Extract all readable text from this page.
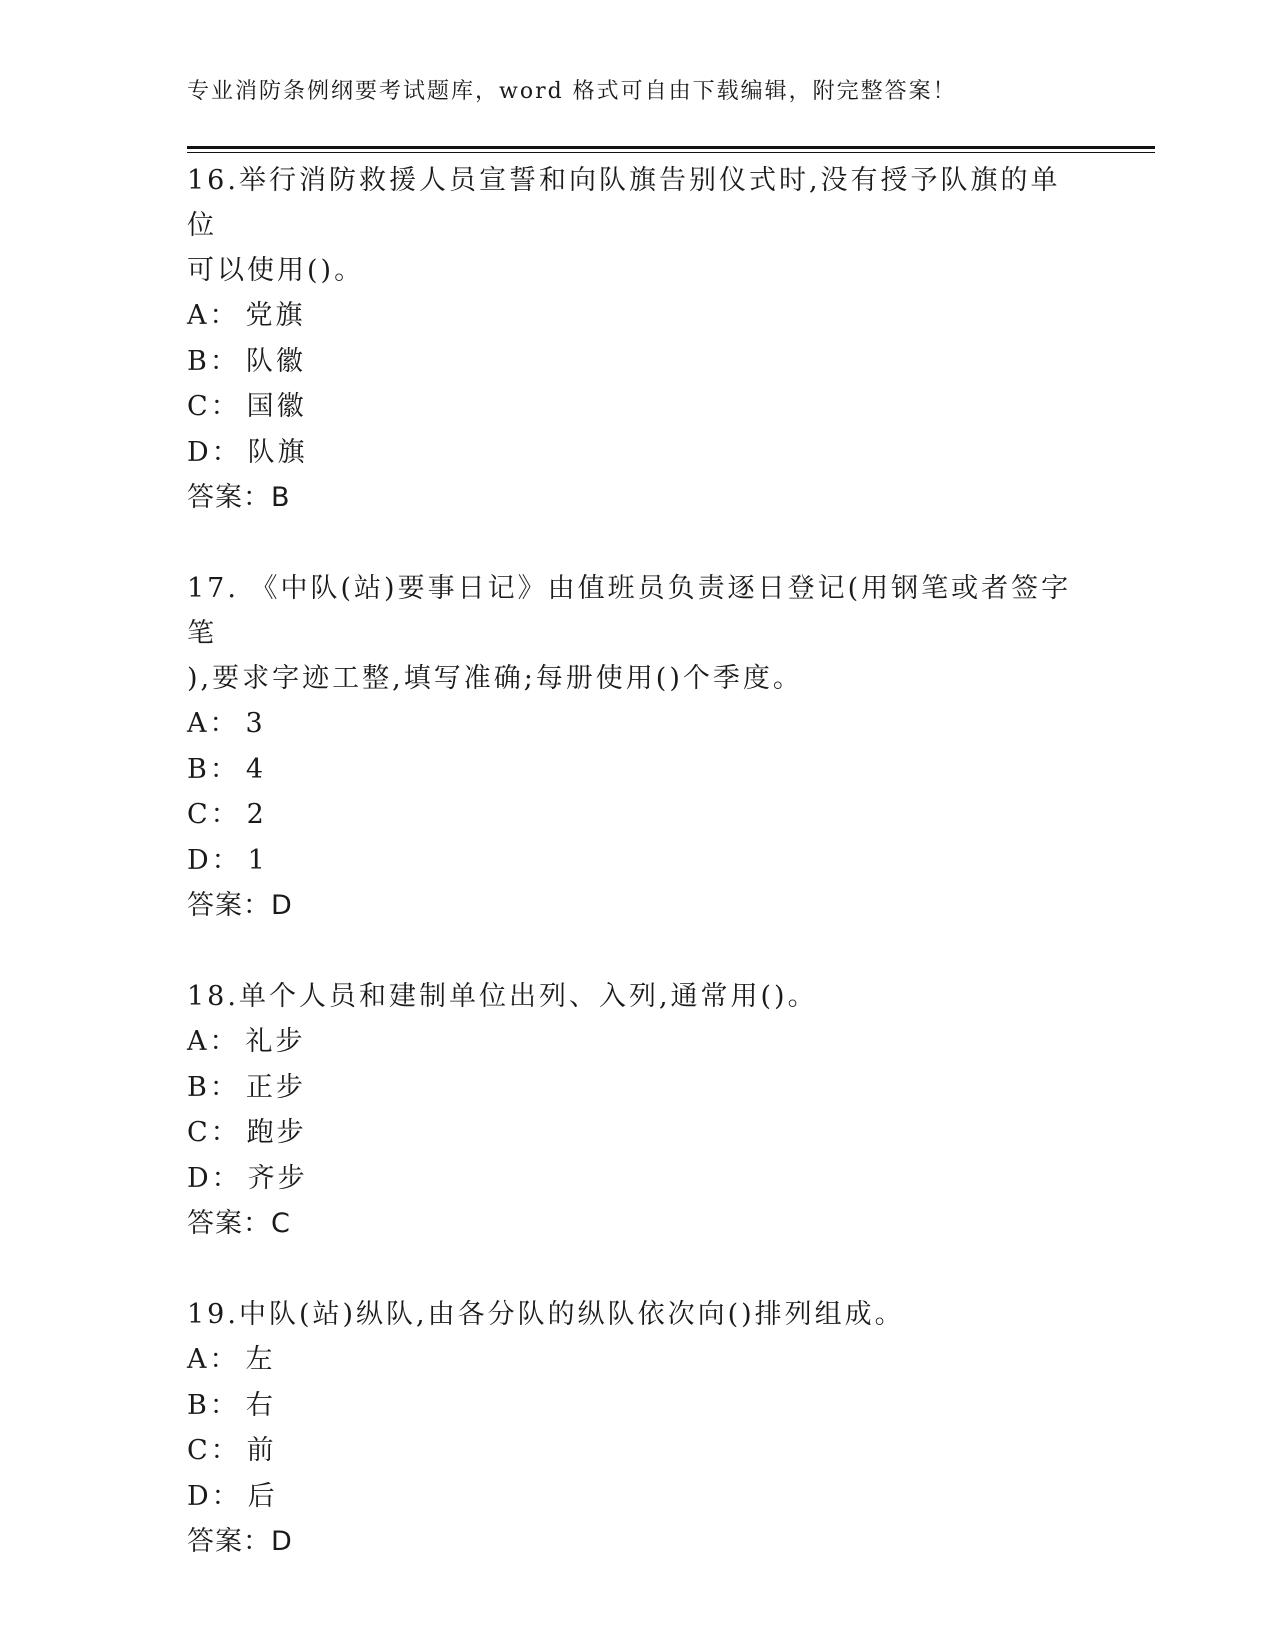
专业消防条例纲要考试题库，word 格式可自由下载编辑，附完整答案！

16.举行消防救援人员宣誓和向队旗告别仪式时,没有授予队旗的单位

可以使用()。

A： 党旗

B： 队徽

C： 国徽

D： 队旗

答案：B

17. 《中队(站)要事日记》由值班员负责逐日登记(用钢笔或者签字笔

),要求字迹工整,填写准确;每册使用()个季度。

A： 3

B： 4

C： 2

D： 1

答案：D

18.单个人员和建制单位出列、入列,通常用()。

A： 礼步

B： 正步

C： 跑步

D： 齐步

答案：C

19.中队(站)纵队,由各分队的纵队依次向()排列组成。

A：左

B： 右

C： 前

D： 后

答案：D
